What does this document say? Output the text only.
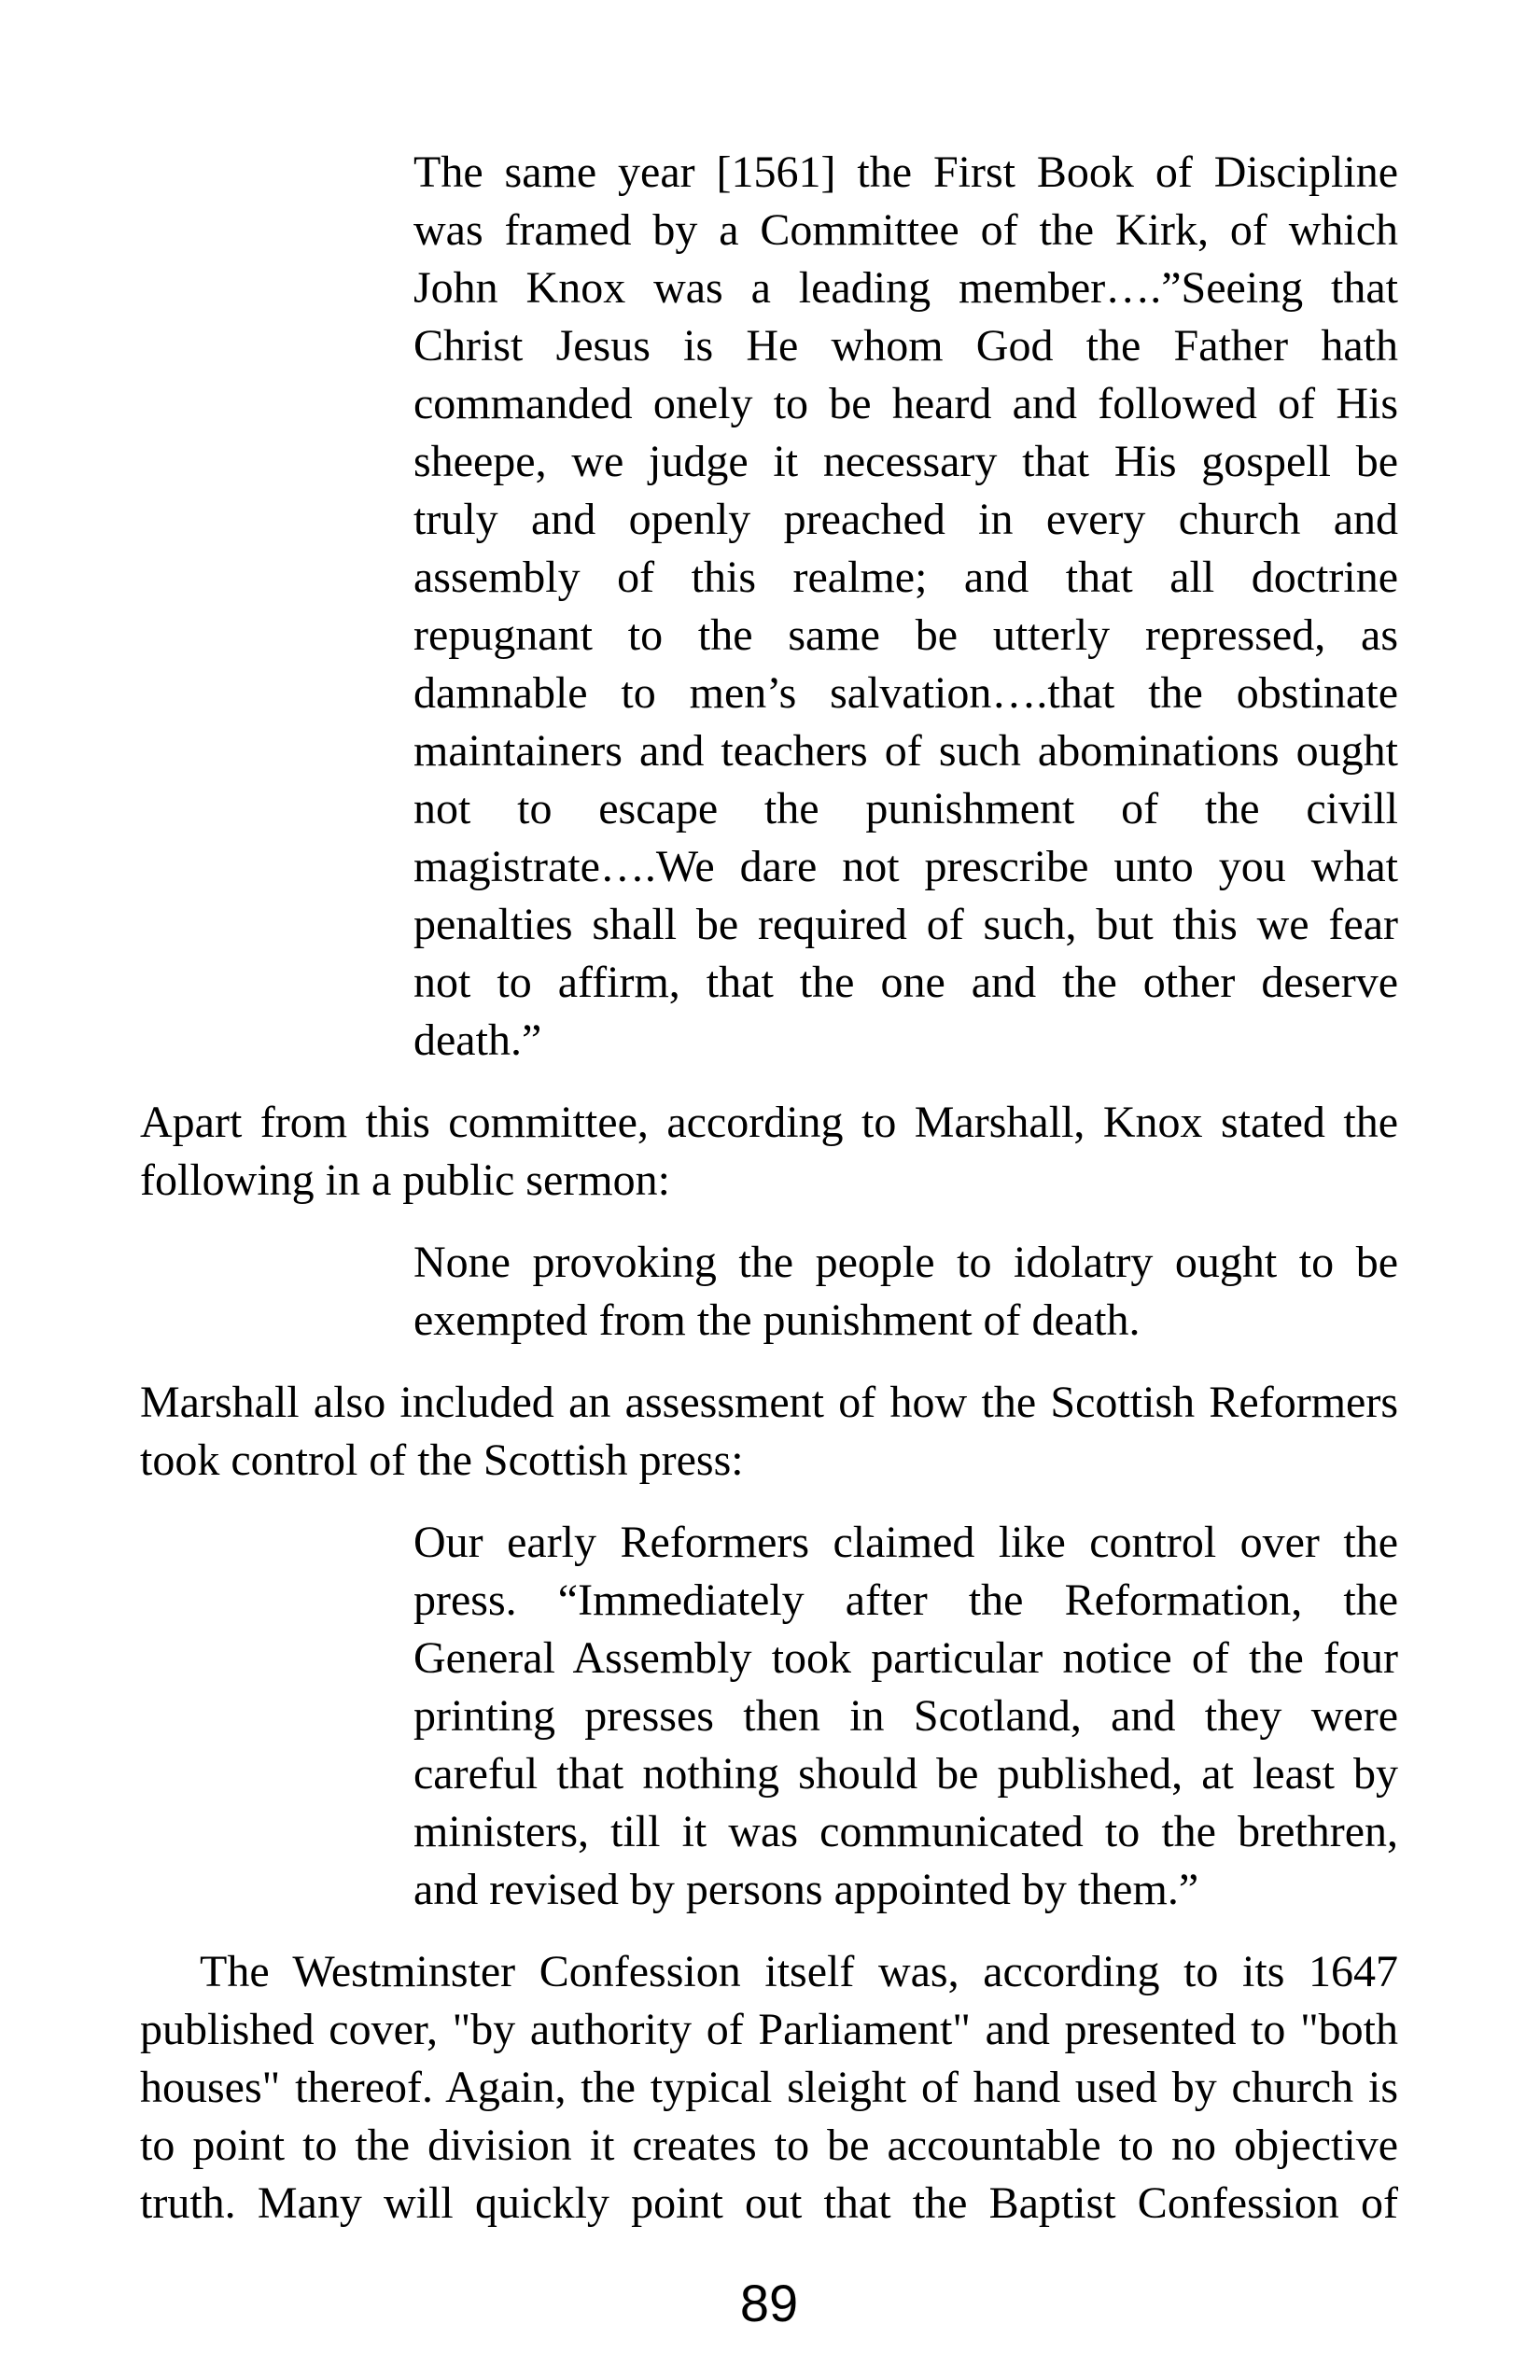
The same year [1561] the First Book of Discipline
was framed by a Committee of the Kirk, of which
John Knox was a leading member….”Seeing that
Christ Jesus is He whom God the Father hath
commanded onely to be heard and followed of His
sheepe, we judge it necessary that His gospell be
truly and openly preached in every church and
assembly of this realme; and that all doctrine
repugnant to the same be utterly repressed, as
damnable to men’s salvation….that the obstinate
maintainers and teachers of such abominations ought
not to escape the punishment of the civill
magistrate….We dare not prescribe unto you what
penalties shall be required of such, but this we fear
not to affirm, that the one and the other deserve
death.”
Apart from this committee, according to Marshall, Knox stated the
following in a public sermon:
None provoking the people to idolatry ought to be
exempted from the punishment of death.
Marshall also included an assessment of how the Scottish Reformers
took control of the Scottish press:
Our early Reformers claimed like control over the
press. “Immediately after the Reformation, the
General Assembly took particular notice of the four
printing presses then in Scotland, and they were
careful that nothing should be published, at least by
ministers, till it was communicated to the brethren,
and revised by persons appointed by them.”
The Westminster Confession itself was, according to its 1647
published cover, "by authority of Parliament" and presented to "both
houses" thereof. Again, the typical sleight of hand used by church is
to point to the division it creates to be accountable to no objective
truth. Many will quickly point out that the Baptist Confession of
89
